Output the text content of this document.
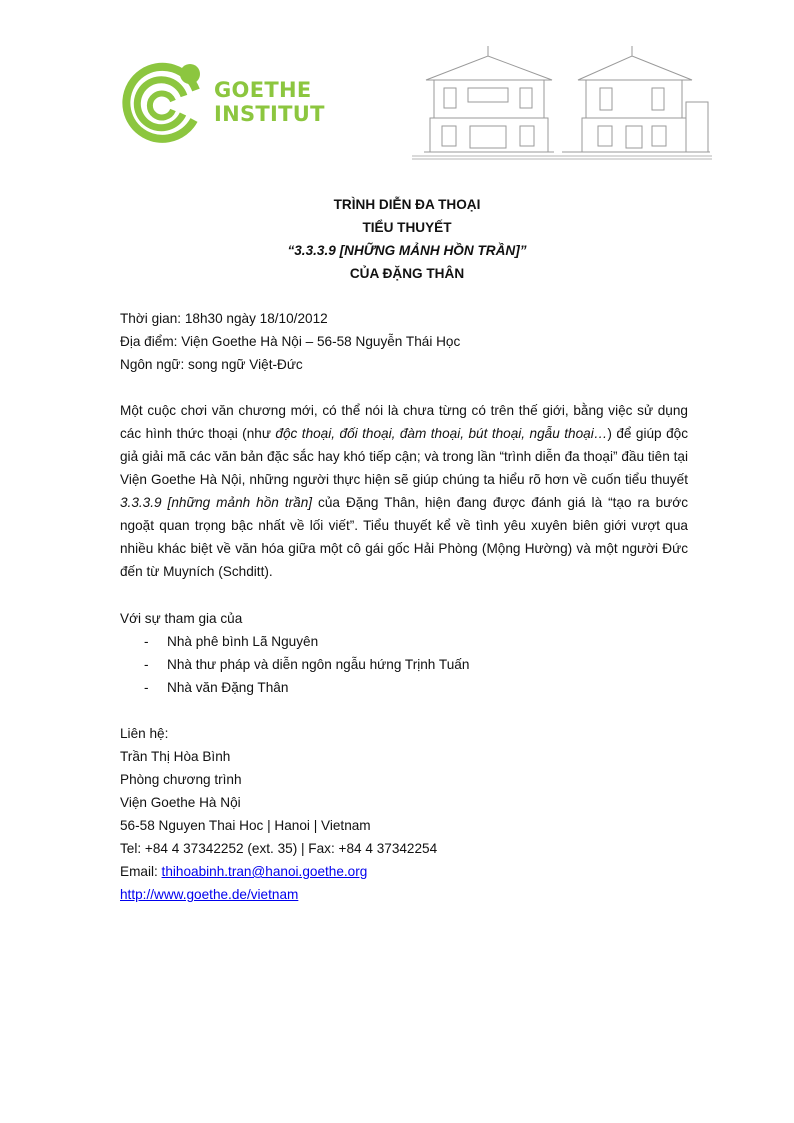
GOETHE
INSTITUT
TRÌNH DIỄN ĐA THOẠI
TIỂU THUYẾT
“3.3.3.9 [NHỮNG MẢNH HỒN TRẦN]”
CỦA ĐẶNG THÂN
Thời gian: 18h30 ngày 18/10/2012
Địa điểm: Viện Goethe Hà Nội – 56-58 Nguyễn Thái Học
Ngôn ngữ: song ngữ Việt-Đức
Một cuộc chơi văn chương mới, có thể nói là chưa từng có trên thế giới, bằng việc sử dụng các hình thức thoại (như độc thoại, đối thoại, đàm thoại, bút thoại, ngẫu thoại…) để giúp độc giả giải mã các văn bản đặc sắc hay khó tiếp cận; và trong lần “trình diễn đa thoại” đầu tiên tại Viện Goethe Hà Nội, những người thực hiện sẽ giúp chúng ta hiểu rõ hơn về cuốn tiểu thuyết 3.3.3.9 [những mảnh hồn trần] của Đặng Thân, hiện đang được đánh giá là “tạo ra bước ngoặt quan trọng bậc nhất về lối viết”. Tiểu thuyết kể về tình yêu xuyên biên giới vượt qua nhiều khác biệt về văn hóa giữa một cô gái gốc Hải Phòng (Mộng Hường) và một người Đức đến từ Muyních (Schditt).
Với sự tham gia của
- Nhà phê bình Lã Nguyên
- Nhà thư pháp và diễn ngôn ngẫu hứng Trịnh Tuấn
- Nhà văn Đặng Thân
Liên hệ:
Trần Thị Hòa Bình
Phòng chương trình
Viện Goethe Hà Nội
56-58 Nguyen Thai Hoc | Hanoi | Vietnam
Tel: +84 4 37342252 (ext. 35) | Fax: +84 4 37342254
Email: thihoabinh.tran@hanoi.goethe.org
http://www.goethe.de/vietnam
